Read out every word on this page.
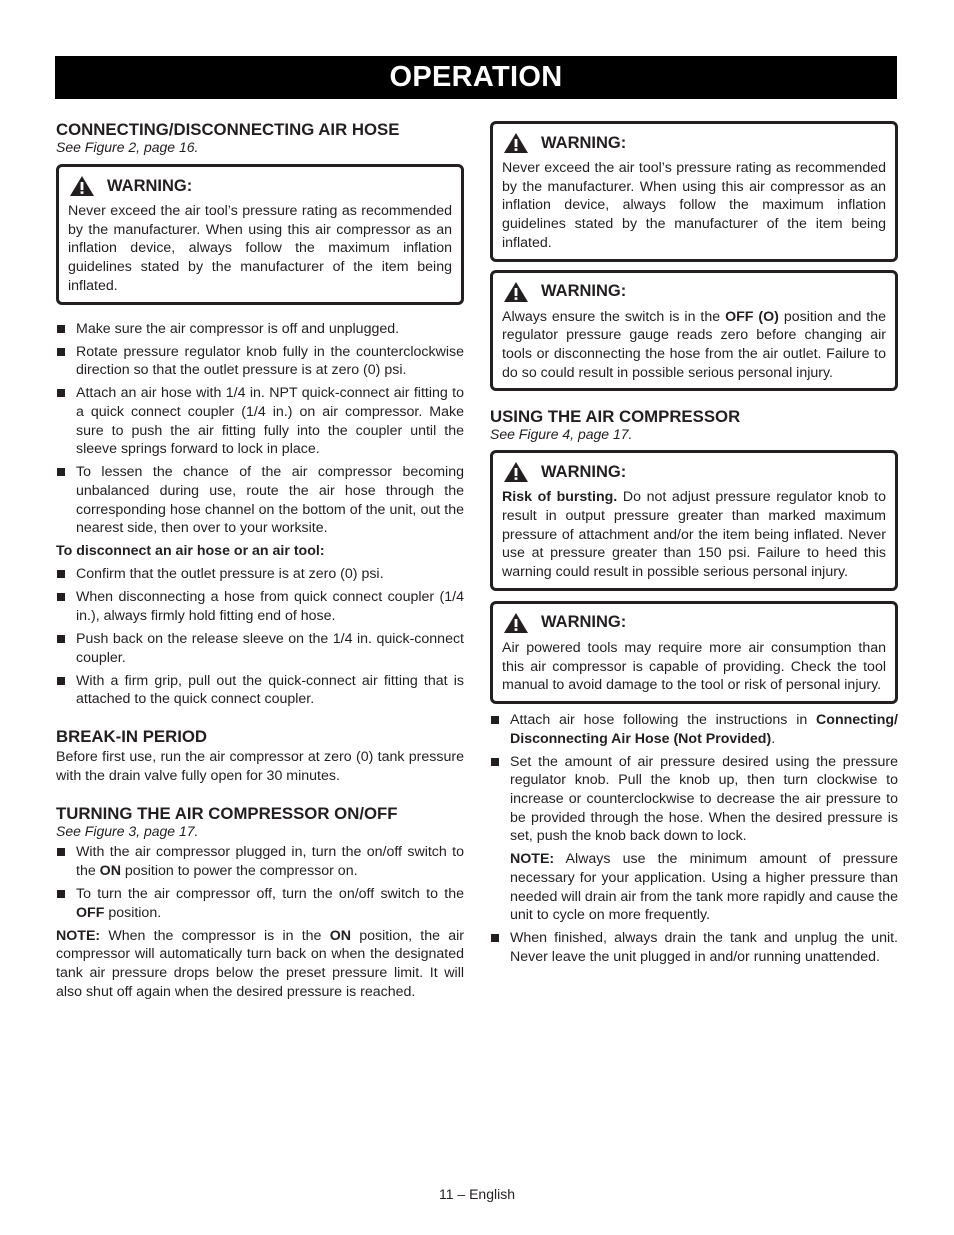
OPERATION
CONNECTING/DISCONNECTING AIR HOSE

See Figure 2, page 16.

WARNING:

Never exceed the air tool’s pressure rating as recommended by the manufacturer. When using this air compressor as an inflation device, always follow the maximum inflation guidelines stated by the manufacturer of the item being inflated.

Make sure the air compressor is off and unplugged.
Rotate pressure regulator knob fully in the counterclockwise direction so that the outlet pressure is at zero (0) psi.
Attach an air hose with 1/4 in. NPT quick-connect air fitting to a quick connect coupler (1/4 in.) on air compressor. Make sure to push the air fitting fully into the coupler until the sleeve springs forward to lock in place.
To lessen the chance of the air compressor becoming unbalanced during use, route the air hose through the corresponding hose channel on the bottom of the unit, out the nearest side, then over to your worksite.

To disconnect an air hose or an air tool:

Confirm that the outlet pressure is at zero (0) psi.
When disconnecting a hose from quick connect coupler (1/4 in.), always firmly hold fitting end of hose.
Push back on the release sleeve on the 1/4 in. quick-connect coupler.
With a firm grip, pull out the quick-connect air fitting that is attached to the quick connect coupler.
BREAK-IN PERIOD

Before first use, run the air compressor at zero (0) tank pressure with the drain valve fully open for 30 minutes.

TURNING THE AIR COMPRESSOR ON/OFF

See Figure 3, page 17.

With the air compressor plugged in, turn the on/off switch to the ON position to power the compressor on.
To turn the air compressor off, turn the on/off switch to the OFF position.

NOTE: When the compressor is in the ON position, the air compressor will automatically turn back on when the designated tank air pressure drops below the preset pressure limit. It will also shut off again when the desired pressure is reached.

WARNING:

Never exceed the air tool’s pressure rating as recommended by the manufacturer. When using this air compressor as an inflation device, always follow the maximum inflation guidelines stated by the manufacturer of the item being inflated.

WARNING:

Always ensure the switch is in the OFF (O) position and the regulator pressure gauge reads zero before changing air tools or disconnecting the hose from the air outlet. Failure to do so could result in possible serious personal injury.

USING THE AIR COMPRESSOR

See Figure 4, page 17.

WARNING:

Risk of bursting. Do not adjust pressure regulator knob to result in output pressure greater than marked maximum pressure of attachment and/or the item being inflated. Never use at pressure greater than 150 psi. Failure to heed this warning could result in possible serious personal injury.

WARNING:

Air powered tools may require more air consumption than this air compressor is capable of providing. Check the tool manual to avoid damage to the tool or risk of personal injury.

Attach air hose following the instructions in Connecting/ Disconnecting Air Hose (Not Provided).
Set the amount of air pressure desired using the pressure regulator knob. Pull the knob up, then turn clockwise to increase or counterclockwise to decrease the air pressure to be provided through the hose. When the desired pressure is set, push the knob back down to lock.

NOTE: Always use the minimum amount of pressure necessary for your application. Using a higher pressure than needed will drain air from the tank more rapidly and cause the unit to cycle on more frequently.

When finished, always drain the tank and unplug the unit. Never leave the unit plugged in and/or running unattended.
11 – English
